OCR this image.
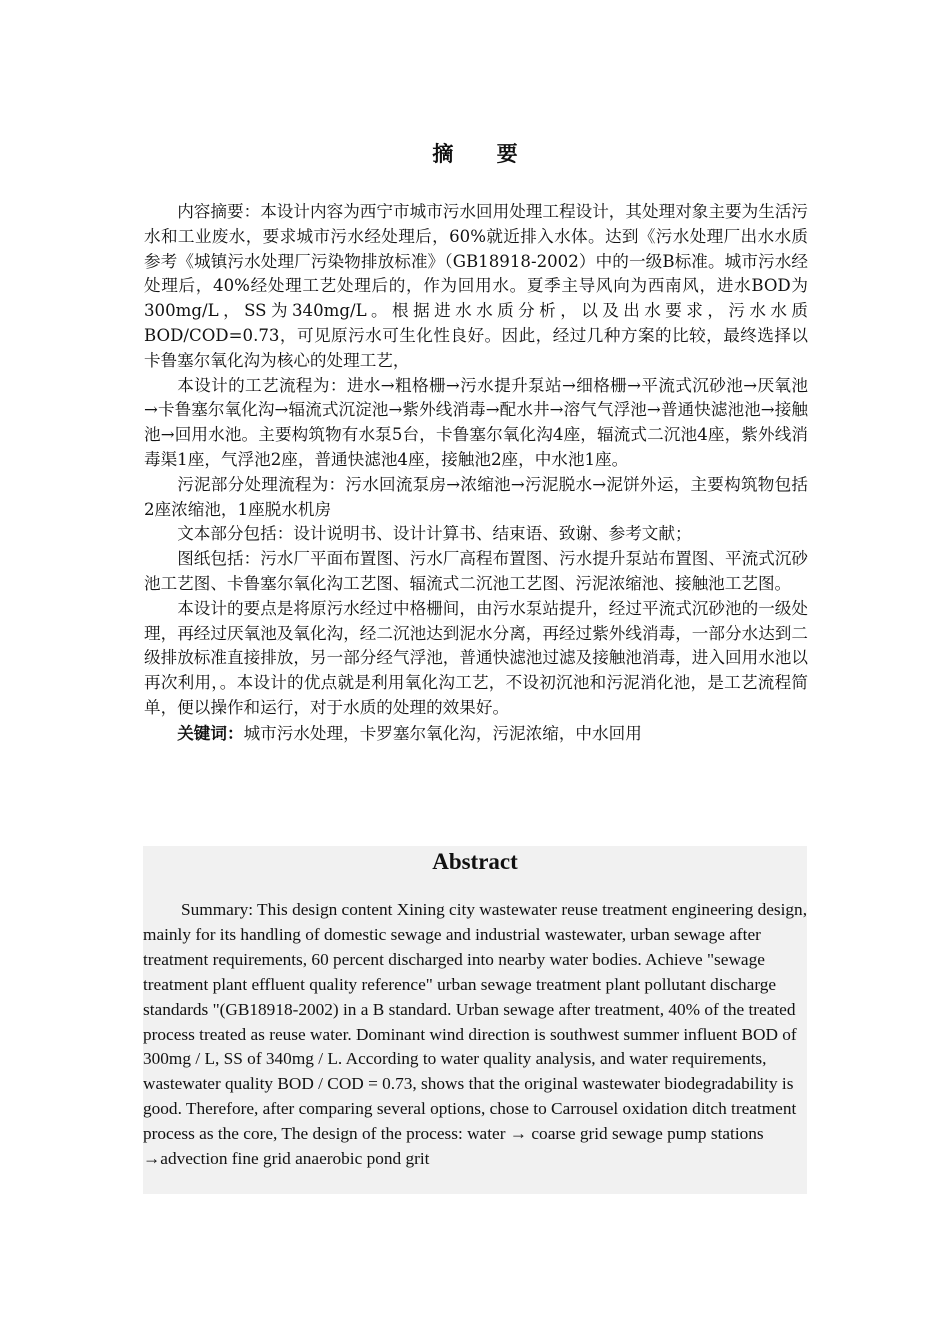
摘 要

内容摘要：本设计内容为西宁市城市污水回用处理工程设计，其处理对象主要为生活污水和工业废水，要求城市污水经处理后，60%就近排入水体。达到《污水处理厂出水水质参考《城镇污水处理厂污染物排放标准》（GB18918-2002）中的一级B标准。城市污水经处理后，40%经处理工艺处理后的，作为回用水。夏季主导风向为西南风，进水BOD为300mg/L，SS为340mg/L。根据进水水质分析，以及出水要求，污水水质BOD/COD=0.73，可见原污水可生化性良好。因此，经过几种方案的比较，最终选择以卡鲁塞尔氧化沟为核心的处理工艺，

本设计的工艺流程为：进水→粗格栅→污水提升泵站→细格栅→平流式沉砂池→厌氧池→卡鲁塞尔氧化沟→辐流式沉淀池→紫外线消毒→配水井→溶气气浮池→普通快滤池池→接触池→回用水池。主要构筑物有水泵5台，卡鲁塞尔氧化沟4座，辐流式二沉池4座，紫外线消毒渠1座，气浮池2座，普通快滤池4座，接触池2座，中水池1座。

污泥部分处理流程为：污水回流泵房→浓缩池→污泥脱水→泥饼外运，主要构筑物包括2座浓缩池，1座脱水机房

文本部分包括：设计说明书、设计计算书、结束语、致谢、参考文献；

图纸包括：污水厂平面布置图、污水厂高程布置图、污水提升泵站布置图、平流式沉砂池工艺图、卡鲁塞尔氧化沟工艺图、辐流式二沉池工艺图、污泥浓缩池、接触池工艺图。

本设计的要点是将原污水经过中格栅间，由污水泵站提升，经过平流式沉砂池的一级处理，再经过厌氧池及氧化沟，经二沉池达到泥水分离，再经过紫外线消毒，一部分水达到二级排放标准直接排放，另一部分经气浮池，普通快滤池过滤及接触池消毒，进入回用水池以再次利用，。本设计的优点就是利用氧化沟工艺，不设初沉池和污泥消化池，是工艺流程简单，便以操作和运行，对于水质的处理的效果好。

关键词：城市污水处理，卡罗塞尔氧化沟，污泥浓缩，中水回用

Abstract

Summary: This design content Xining city wastewater reuse treatment engineering design, mainly for its handling of domestic sewage and industrial wastewater, urban sewage after treatment requirements, 60 percent discharged into nearby water bodies. Achieve "sewage treatment plant effluent quality reference" urban sewage treatment plant pollutant discharge standards "(GB18918-2002) in a B standard. Urban sewage after treatment, 40% of the treated process treated as reuse water. Dominant wind direction is southwest summer influent BOD of 300mg / L, SS of 340mg / L. According to water quality analysis, and water requirements, wastewater quality BOD / COD = 0.73, shows that the original wastewater biodegradability is good. Therefore, after comparing several options, chose to Carrousel oxidation ditch treatment process as the core, The design of the process: water → coarse grid sewage pump stations →advection fine grid anaerobic pond grit
